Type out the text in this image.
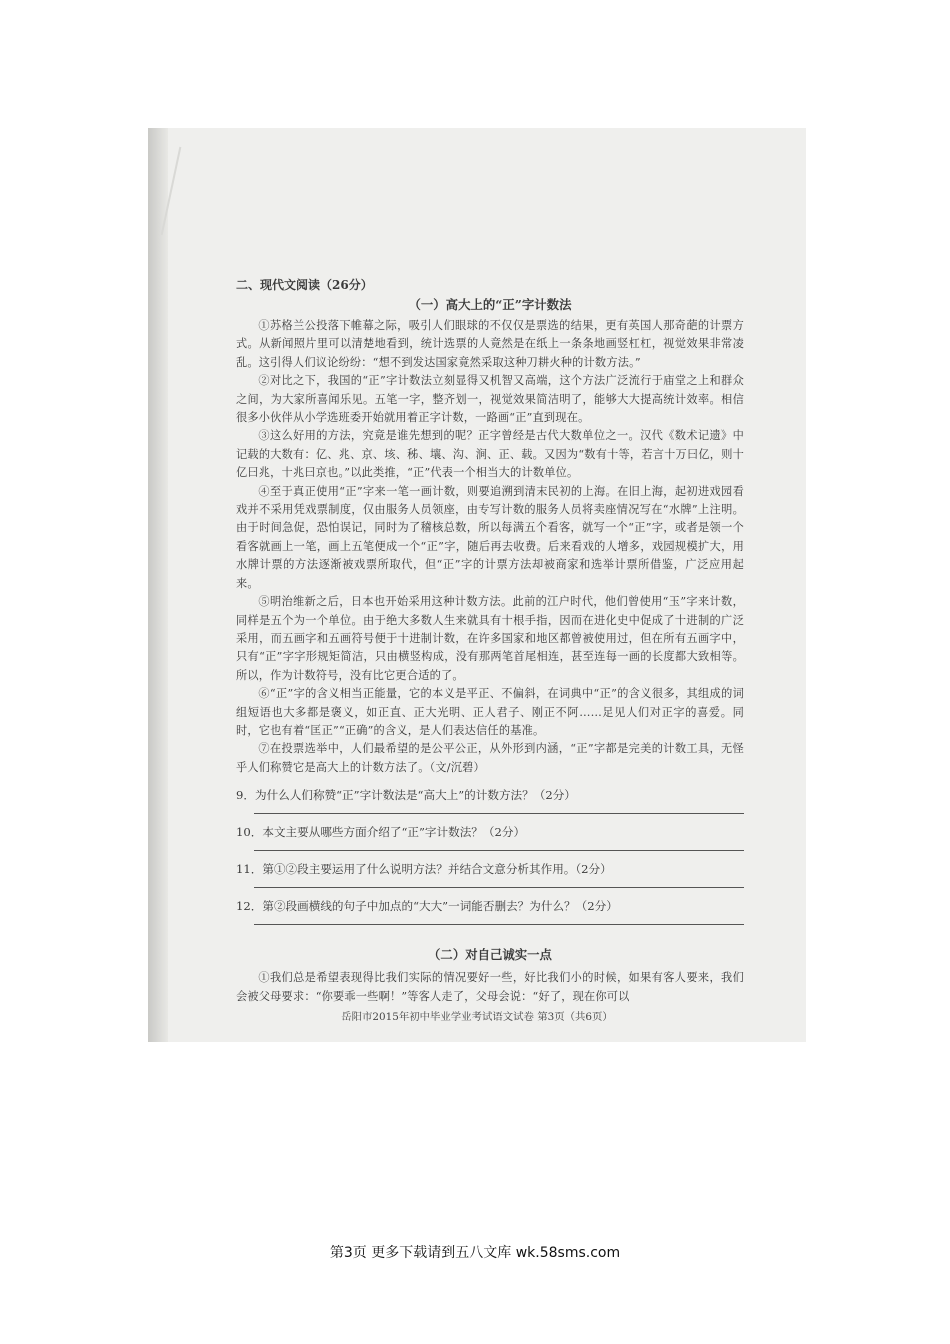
二、现代文阅读（26分）
（一）高大上的“正”字计数法

①苏格兰公投落下帷幕之际，吸引人们眼球的不仅仅是票选的结果，更有英国人那奇葩的计票方式。从新闻照片里可以清楚地看到，统计选票的人竟然是在纸上一条条地画竖杠杠，视觉效果非常凌乱。这引得人们议论纷纷：“想不到发达国家竟然采取这种刀耕火种的计数方法。”

②对比之下，我国的“正”字计数法立刻显得又机智又高端，这个方法广泛流行于庙堂之上和群众之间，为大家所喜闻乐见。五笔一字，整齐划一，视觉效果简洁明了，能够大大提高统计效率。相信很多小伙伴从小学选班委开始就用着正字计数，一路画“正”直到现在。

③这么好用的方法，究竟是谁先想到的呢？正字曾经是古代大数单位之一。汉代《数术记遗》中记载的大数有：亿、兆、京、垓、秭、壤、沟、涧、正、载。又因为“数有十等，若言十万曰亿，则十亿曰兆，十兆曰京也。”以此类推，“正”代表一个相当大的计数单位。

④至于真正使用“正”字来一笔一画计数，则要追溯到清末民初的上海。在旧上海，起初进戏园看戏并不采用凭戏票制度，仅由服务人员领座，由专写计数的服务人员将卖座情况写在“水牌”上注明。由于时间急促，恐怕误记，同时为了稽核总数，所以每满五个看客，就写一个“正”字，或者是领一个看客就画上一笔，画上五笔便成一个“正”字，随后再去收费。后来看戏的人增多，戏园规模扩大，用水牌计票的方法逐渐被戏票所取代，但“正”字的计票方法却被商家和选举计票所借鉴，广泛应用起来。

⑤明治维新之后，日本也开始采用这种计数方法。此前的江户时代，他们曾使用“玉”字来计数，同样是五个为一个单位。由于绝大多数人生来就具有十根手指，因而在进化史中促成了十进制的广泛采用，而五画字和五画符号便于十进制计数，在许多国家和地区都曾被使用过，但在所有五画字中，只有“正”字字形规矩简洁，只由横竖构成，没有那两笔首尾相连，甚至连每一画的长度都大致相等。所以，作为计数符号，没有比它更合适的了。

⑥“正”字的含义相当正能量，它的本义是平正、不偏斜，在词典中“正”的含义很多，其组成的词组短语也大多都是褒义，如正直、正大光明、正人君子、刚正不阿……足见人们对正字的喜爱。同时，它也有着“匡正”“正确”的含义，是人们表达信任的基准。

⑦在投票选举中，人们最希望的是公平公正，从外形到内涵，“正”字都是完美的计数工具，无怪乎人们称赞它是高大上的计数方法了。（文/沉碧）

9．为什么人们称赞“正”字计数法是“高大上”的计数方法？（2分）
10．本文主要从哪些方面介绍了“正”字计数法？（2分）
11．第①②段主要运用了什么说明方法？并结合文意分析其作用。（2分）
12．第②段画横线的句子中加点的“大大”一词能否删去？为什么？（2分）
（二）对自己诚实一点

①我们总是希望表现得比我们实际的情况要好一些，好比我们小的时候，如果有客人要来，我们会被父母要求：“你要乖一些啊！”等客人走了，父母会说：“好了，现在你可以

岳阳市2015年初中毕业学业考试语文试卷 第3页（共6页）
第3页 更多下载请到五八文库 wk.58sms.com
